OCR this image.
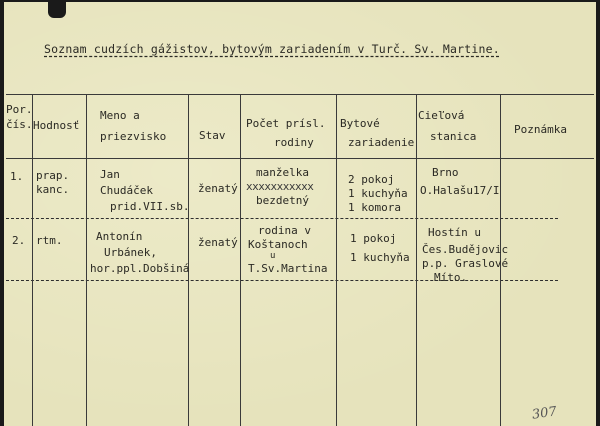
Soznam cudzích gážistov, bytovým zariadením v Turč. Sv. Martine.
Por.
čís. Hodnosť
Meno a
priezvisko	Stav
Počet prísl.
rodiny
Bytové
zariadenie
Cieľová
stanica
Poznámka
1. prap.
kanc.
Jan
Chudáček
prid.VII.sb.
ženatý
manželka
xxxxxxxxxxx
bezdetný
2 pokoj
1 kuchyňa
1 komora
Brno
O.Halašu17/I
2. rtm.	Antonín
Urbánek,
hor.ppl.Dobšiná
ženatý
rodina v
Koštanoch
u
T.Sv.Martina
1 pokoj
1 kuchyňa
Hostín u
Čes.Budějovic
p.p. Graslové
Míto.
307
